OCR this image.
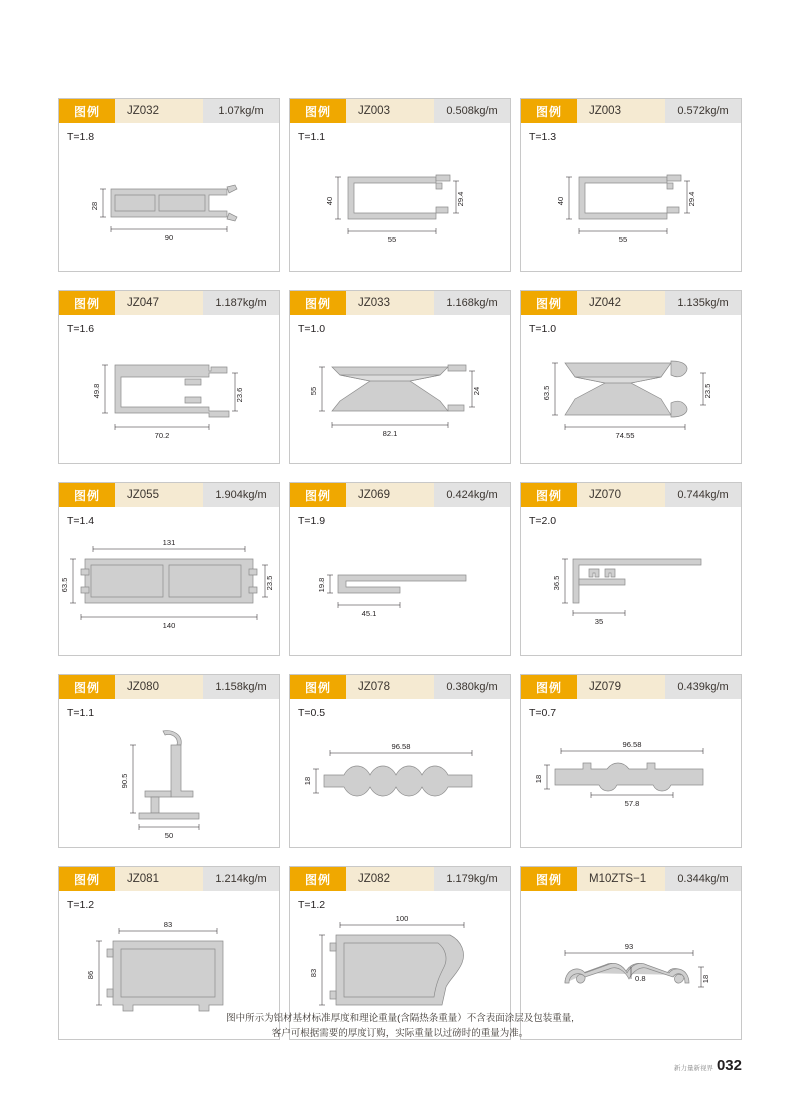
图例	JZ032	1.07kg/m
T=1.8
28
90
图例	JZ003	0.508kg/m
T=1.1
40	29.4
55
图例	JZ003	0.572kg/m
T=1.3
40	29.4
55
图例	JZ047	1.187kg/m
T=1.6
49.8	23.6
70.2
图例	JZ033	1.168kg/m
T=1.0
55	24
82.1
图例	JZ042	1.135kg/m
T=1.0
63.5	23.5
74.55
图例	JZ055	1.904kg/m
T=1.4
131
63.5	23.5
140
图例	JZ069	0.424kg/m
T=1.9
19.8
45.1
图例	JZ070	0.744kg/m
T=2.0
36.5
35
图例	JZ080	1.158kg/m
T=1.1
90.5
50
图例	JZ078	0.380kg/m
T=0.5
96.58
18
图例	JZ079	0.439kg/m
T=0.7
96.58
18
57.8
图例	JZ081	1.214kg/m
T=1.2
83
86
图例	JZ082	1.179kg/m
T=1.2
100
83
图例	M10ZTS−1	0.344kg/m
93
0.8	18
图中所示为铝材基材标准厚度和理论重量(含隔热条重量）不含表面涂层及包装重量,
客户可根据需要的厚度订购，实际重量以过磅时的重量为准。
新力量新视界 032
